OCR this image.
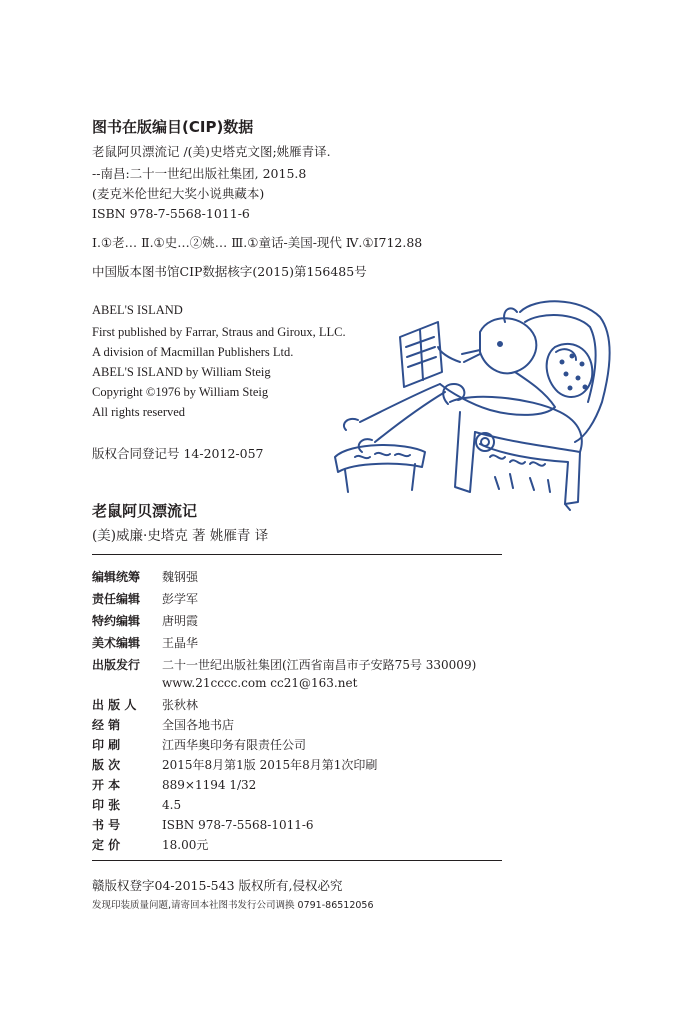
图书在版编目(CIP)数据
老鼠阿贝漂流记 /(美)史塔克文图;姚雁青译.
--南昌:二十一世纪出版社集团, 2015.8
(麦克米伦世纪大奖小说典藏本)
ISBN 978-7-5568-1011-6
Ⅰ.①老… Ⅱ.①史…②姚… Ⅲ.①童话-美国-现代 Ⅳ.①I712.88
中国版本图书馆CIP数据核字(2015)第156485号
ABEL'S ISLAND
First published by Farrar, Straus and Giroux, LLC.
A division of Macmillan Publishers Ltd.
ABEL'S ISLAND by William Steig
Copyright ©1976 by William Steig
All rights reserved
版权合同登记号 14-2012-057
老鼠阿贝漂流记
(美)威廉·史塔克 著 姚雁青 译
编辑统筹 魏钢强
责任编辑 彭学军
特约编辑 唐明霞
美术编辑 王晶华
出版发行 二十一世纪出版社集团(江西省南昌市子安路75号 330009)
www.21cccc.com cc21@163.net
出 版 人 张秋林
经 销	全国各地书店
印 刷	江西华奥印务有限责任公司
版 次	2015年8月第1版 2015年8月第1次印刷
开 本	889×1194 1/32
印 张	4.5
书 号	ISBN 978-7-5568-1011-6
定 价	18.00元
赣版权登字04-2015-543 版权所有,侵权必究
发现印装质量问题,请寄回本社图书发行公司调换 0791-86512056
